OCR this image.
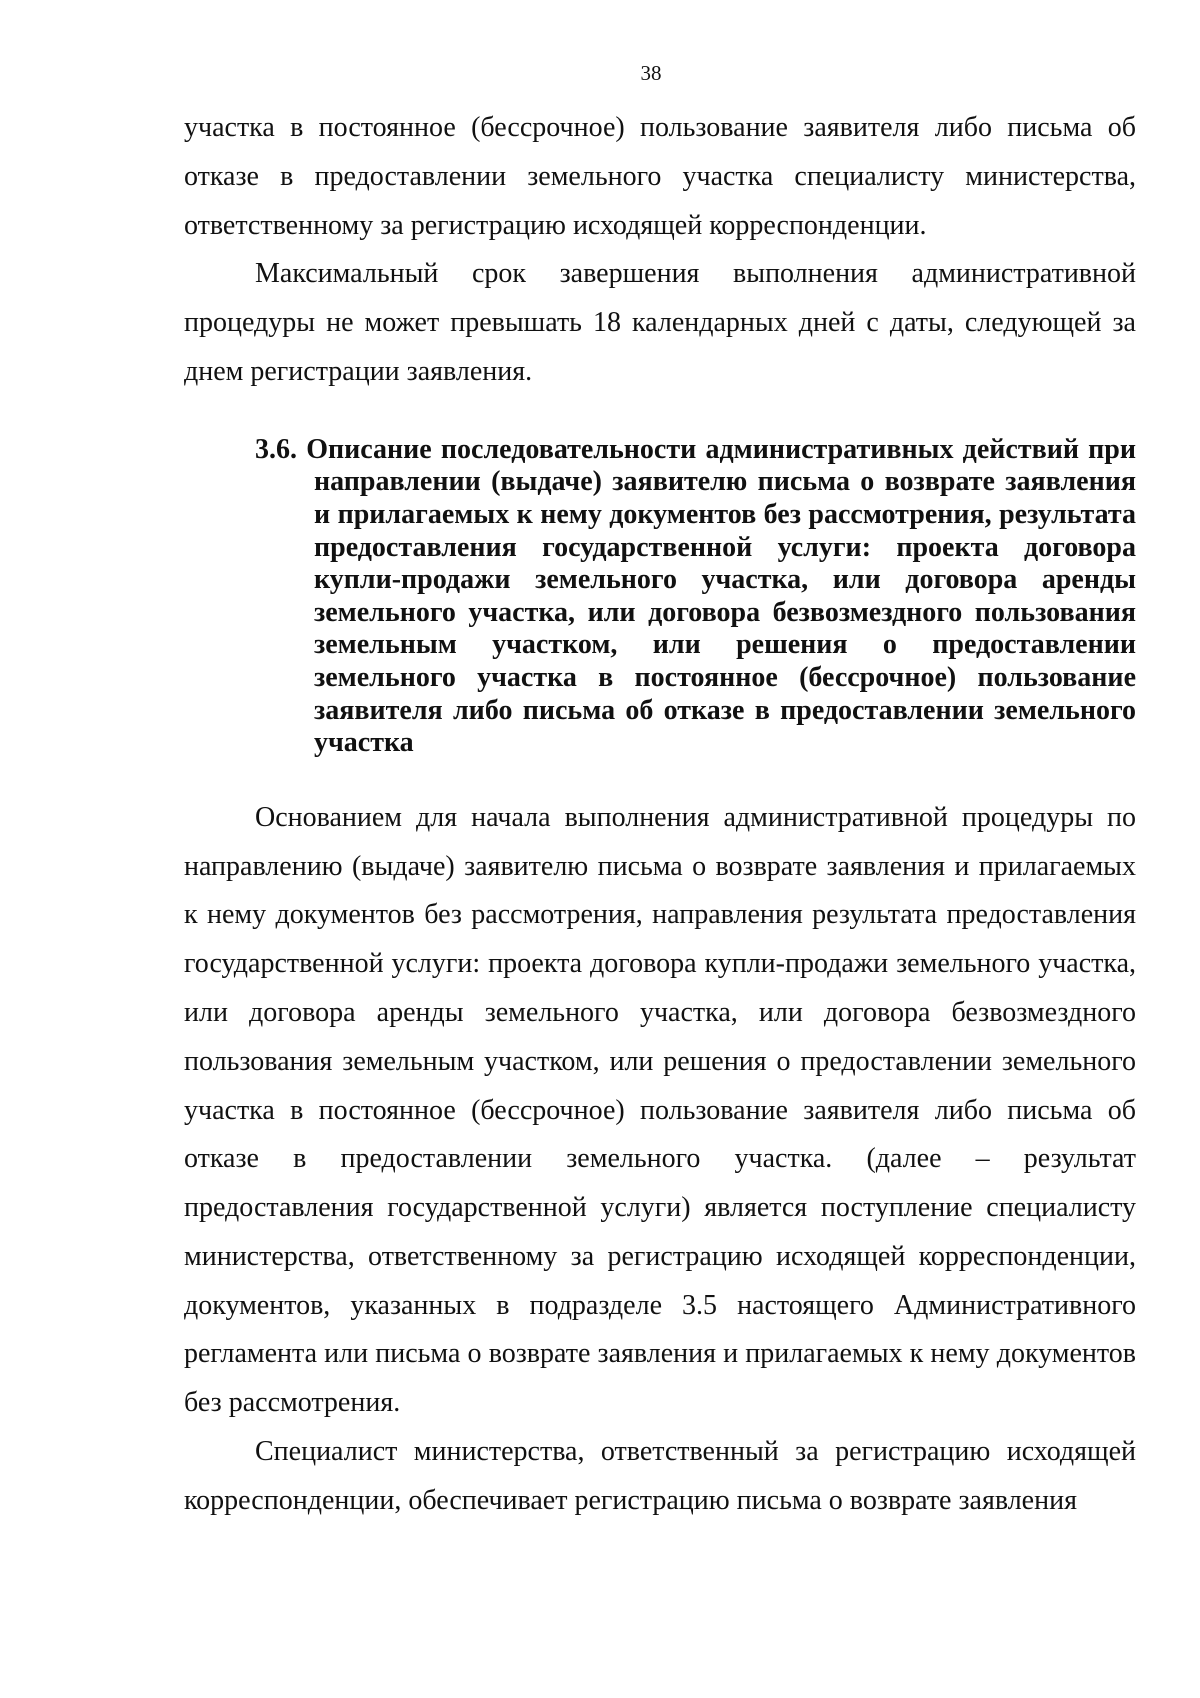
38

участка в постоянное (бессрочное) пользование заявителя либо письма об отказе в предоставлении земельного участка специалисту министерства, ответственному за регистрацию исходящей корреспонденции.

Максимальный срок завершения выполнения административной процедуры не может превышать 18 календарных дней с даты, следующей за днем регистрации заявления.

3.6. Описание последовательности административных действий при направлении (выдаче) заявителю письма о возврате заявления и прилагаемых к нему документов без рассмотрения, результата предоставления государственной услуги: проекта договора купли-продажи земельного участка, или договора аренды земельного участка, или договора безвозмездного пользования земельным участком, или решения о предоставлении земельного участка в постоянное (бессрочное) пользование заявителя либо письма об отказе в предоставлении земельного участка

Основанием для начала выполнения административной процедуры по направлению (выдаче) заявителю письма о возврате заявления и прилагаемых к нему документов без рассмотрения, направления результата предоставления государственной услуги: проекта договора купли-продажи земельного участка, или договора аренды земельного участка, или договора безвозмездного пользования земельным участком, или решения о предоставлении земельного участка в постоянное (бессрочное) пользование заявителя либо письма об отказе в предоставлении земельного участка. (далее – результат предоставления государственной услуги) является поступление специалисту министерства, ответственному за регистрацию исходящей корреспонденции, документов, указанных в подразделе 3.5 настоящего Административного регламента или письма о возврате заявления и прилагаемых к нему документов без рассмотрения.

Специалист министерства, ответственный за регистрацию исходящей корреспонденции, обеспечивает регистрацию письма о возврате заявления
